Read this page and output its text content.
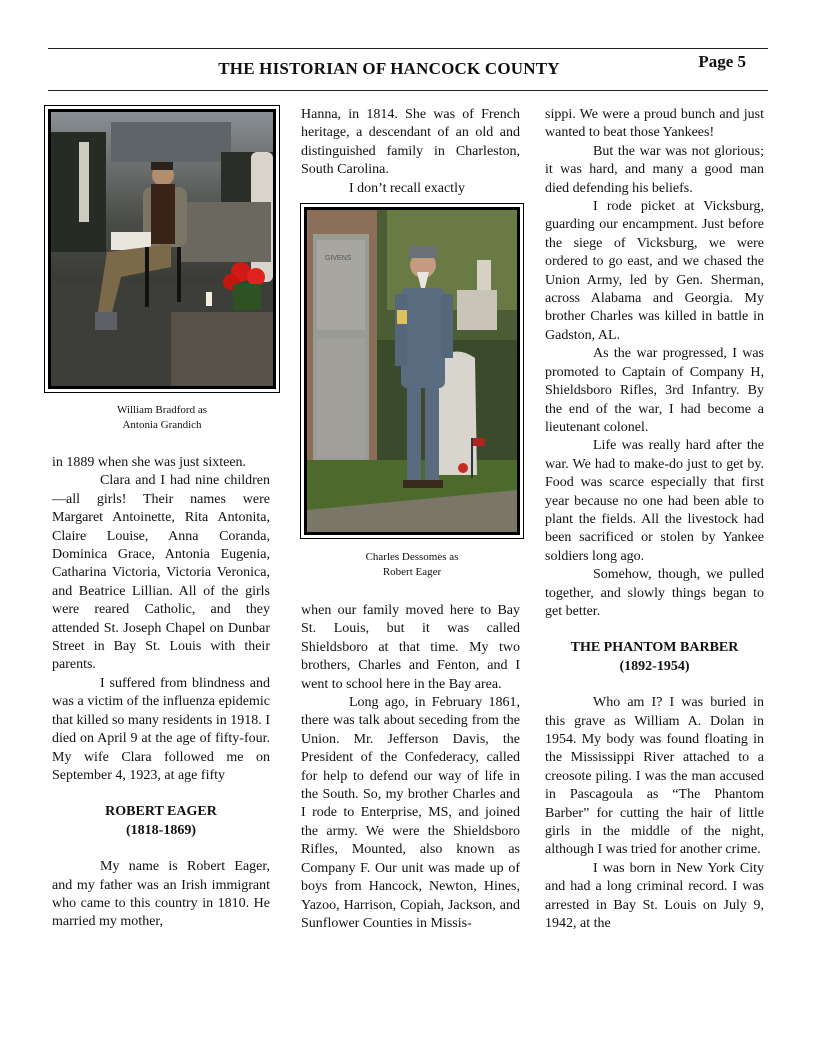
THE HISTORIAN OF HANCOCK COUNTY	Page 5
William Bradford as
Antonia Grandich
GIVENS
Charles Dessomes as
Robert Eager

in 1889 when she was just sixteen.

Clara and I had nine children—all girls! Their names were Margaret Antoinette, Rita Antonita, Claire Louise, Anna Coranda, Dominica Grace, Antonia Eugenia, Catharina Victoria, Victoria Veronica, and Beatrice Lillian. All of the girls were reared Catholic, and they attended St. Joseph Chapel on Dunbar Street in Bay St. Louis with their parents.

I suffered from blindness and was a victim of the influenza epidemic that killed so many residents in 1918. I died on April 9 at the age of fifty-four. My wife Clara followed me on September 4, 1923, at age fifty

ROBERT EAGER

(1818-1869)

My name is Robert Eager, and my father was an Irish immigrant who came to this country in 1810. He married my mother,

Hanna, in 1814. She was of French heritage, a descendant of an old and distinguished family in Charleston, South Carolina.

I don’t recall exactly

when our family moved here to Bay St. Louis, but it was called Shieldsboro at that time. My two brothers, Charles and Fenton, and I went to school here in the Bay area.

Long ago, in February 1861, there was talk about seceding from the Union. Mr. Jefferson Davis, the President of the Confederacy, called for help to defend our way of life in the South. So, my brother Charles and I rode to Enterprise, MS, and joined the army. We were the Shieldsboro Rifles, Mounted, also known as Company F. Our unit was made up of boys from Hancock, Newton, Hines, Yazoo, Harrison, Copiah, Jackson, and Sunflower Counties in Missis-

sippi. We were a proud bunch and just wanted to beat those Yankees!

But the war was not glorious; it was hard, and many a good man died defending his beliefs.

I rode picket at Vicksburg, guarding our encampment. Just before the siege of Vicksburg, we were ordered to go east, and we chased the Union Army, led by Gen. Sherman, across Alabama and Georgia. My brother Charles was killed in battle in Gadston, AL.

As the war progressed, I was promoted to Captain of Company H, Shieldsboro Rifles, 3rd Infantry. By the end of the war, I had become a lieutenant colonel.

Life was really hard after the war. We had to make-do just to get by. Food was scarce especially that first year because no one had been able to plant the fields. All the livestock had been sacrificed or stolen by Yankee soldiers long ago.

Somehow, though, we pulled together, and slowly things began to get better.

THE PHANTOM BARBER

(1892-1954)

Who am I? I was buried in this grave as William A. Dolan in 1954. My body was found floating in the Mississippi River attached to a creosote piling. I was the man accused in Pascagoula as “The Phantom Barber” for cutting the hair of little girls in the middle of the night, although I was tried for another crime.

I was born in New York City and had a long criminal record. I was arrested in Bay St. Louis on July 9, 1942, at the
